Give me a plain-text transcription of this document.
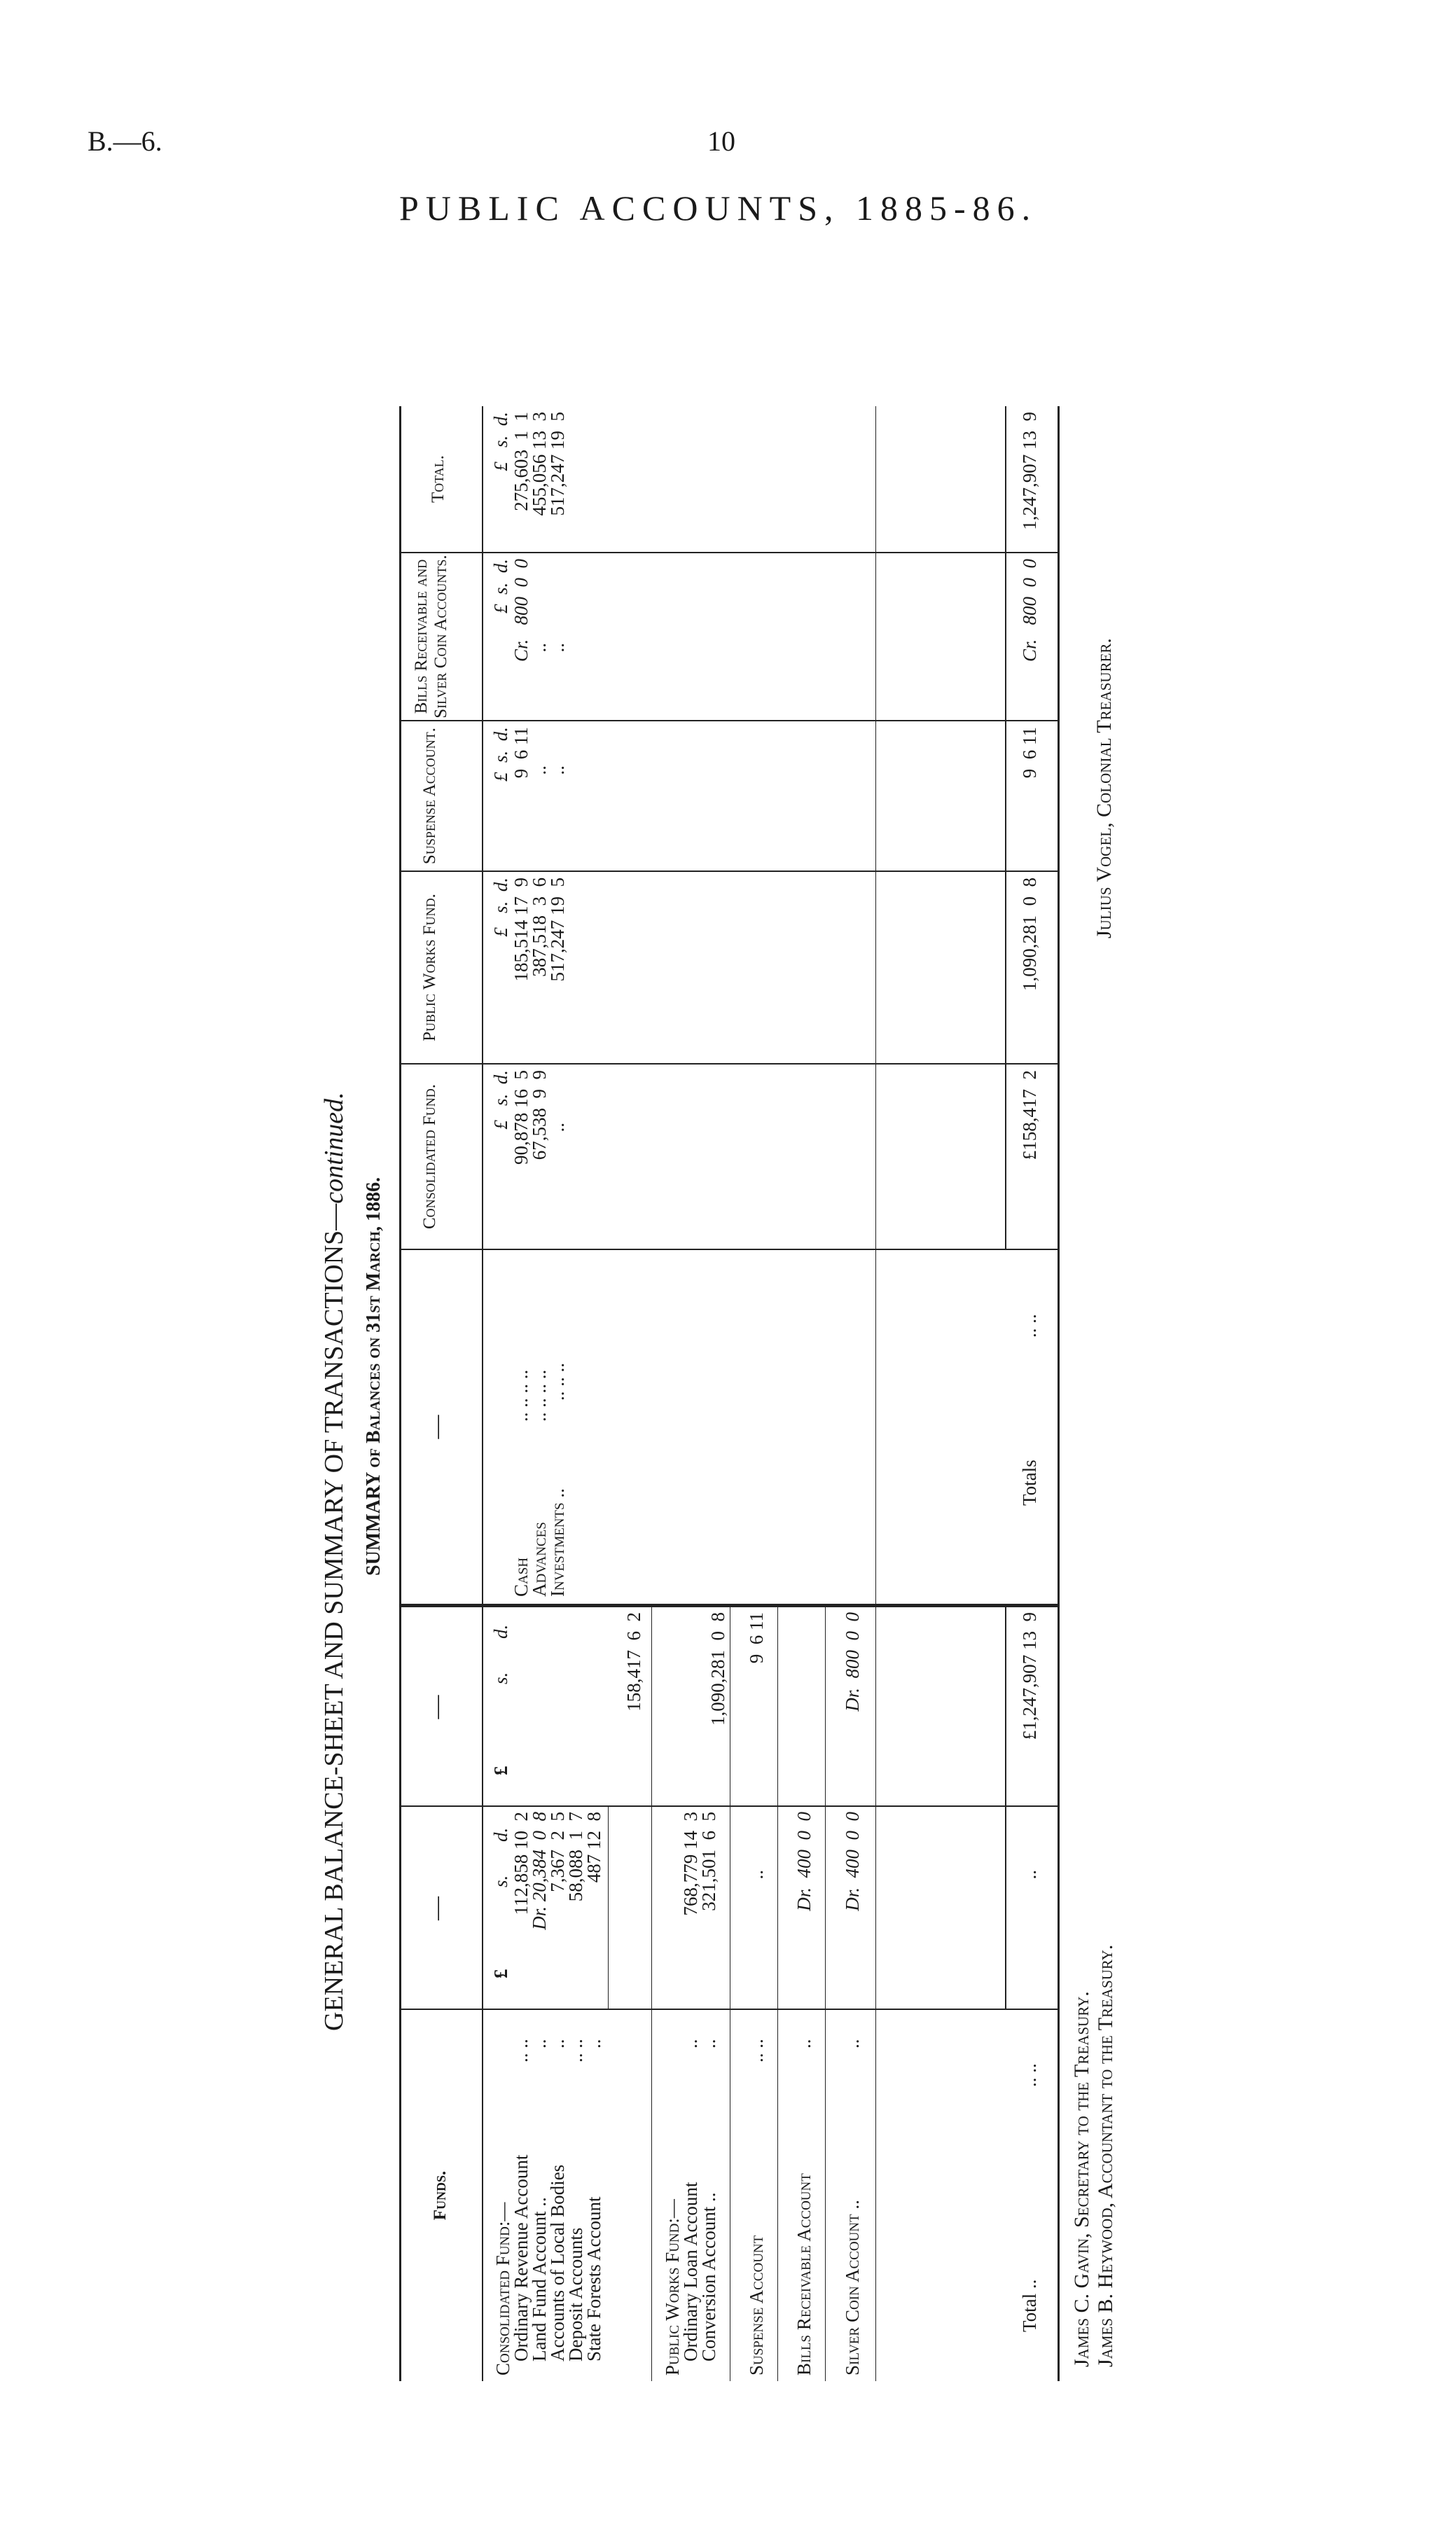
B.—6.	10
PUBLIC ACCOUNTS, 1885-86.
GENERAL BALANCE-SHEET AND SUMMARY OF TRANSACTIONS—continued.
SUMMARY of Balances on 31st March, 1886.
Funds.
—
—
£
s.
d.
£
s.
d.
Consolidated Fund:—
Ordinary Revenue Account
.. ..
112,858 10  2
Land Fund Account ..
..
Dr. 20,384  0  8
Accounts of Local Bodies
..
7,367  2  5
Deposit Accounts
.. ..
58,088  1  7
State Forests Account
..
487 12  8
158,417  6  2
Public Works Fund:—
Ordinary Loan Account
..
768,779 14  3
Conversion Account ..
..
321,501  6  5
1,090,281  0  8
Suspense Account
.. ..
..
9  6 11
Bills Receivable Account
..
Dr.  400  0  0
Silver Coin Account ..
..
Dr.  400  0  0
Dr.  800  0  0
Total ..
.. ..
..
£1,247,907 13  9
—
Consolidated Fund.
Public Works Fund.
Suspense Account.
Bills Receivable and Silver Coin Accounts.
Total.
£   s.  d.
£   s.  d.
£  s.  d.
£  s.  d.
£   s.  d.
Cash
.. .. .. ..
90,878 16  5
185,514 17  9
9  6 11
Cr.   800  0  0
275,603  1  1
Advances
.. .. .. ..
67,538  9  9
387,518  3  6
..
..
455,056 13  3
Investments ..
.. .. ..
..
517,247 19  5
..
..
517,247 19  5
Totals
.. ..
£158,417  2
1,090,281  0  8
9  6 11
Cr.   800  0  0
1,247,907 13  9
James C. Gavin, Secretary to the Treasury. James B. Heywood, Accountant to the Treasury.
Julius Vogel, Colonial Treasurer.
